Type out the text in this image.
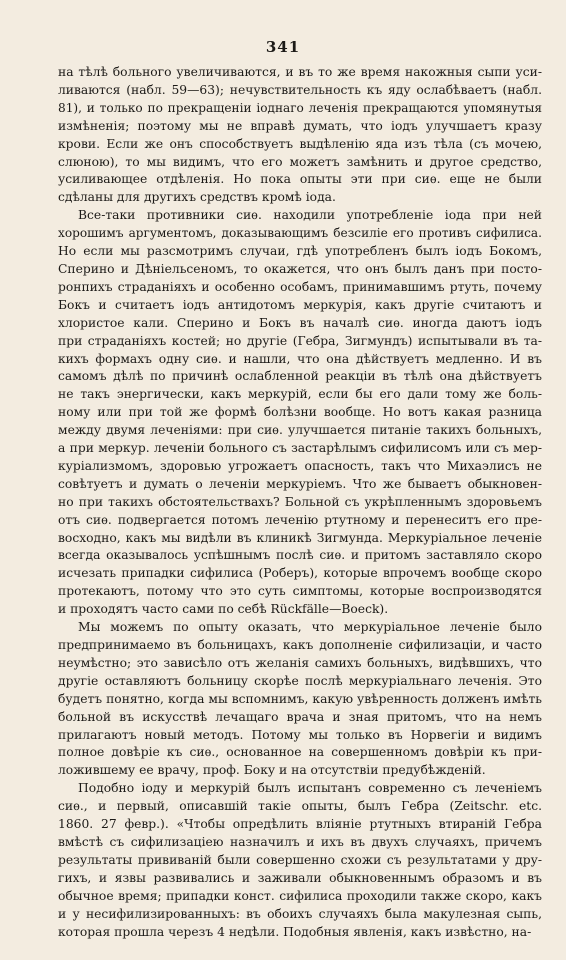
341
на тѣлѣ больного увеличиваются, и въ то же время накожныя сыпи уси-
ливаются (набл. 59—63); нечувствительность къ яду ослабѣваетъ (набл.
81), и только по прекращеніи іоднаго леченія прекращаются упомянутыя
измѣненія; поэтому мы не вправѣ думать, что іодъ улучшаетъ кразу
крови. Если же онъ способствуетъ выдѣленію яда изъ тѣла (съ мочею,
слюною), то мы видимъ, что его можетъ замѣнить и другое средство,
усиливающее отдѣленія. Но пока опыты эти при сиѳ. еще не были
сдѣланы для другихъ средствъ кромѣ іода.
Все-таки противники сиѳ. находили употребленіе іода при ней
хорошимъ аргументомъ, доказывающимъ безсиліе его противъ сифилиса.
Но если мы разсмотримъ случаи, гдѣ употребленъ былъ іодъ Бокомъ,
Сперино и Дѣніельсеномъ, то окажется, что онъ былъ данъ при посто-
ронпихъ страданіяхъ и особенно особамъ, принимавшимъ ртуть, почему
Бокъ и считаетъ іодъ антидотомъ меркурія, какъ другіе считаютъ и
хлористое кали. Сперино и Бокъ въ началѣ сиѳ. иногда даютъ іодъ
при страданіяхъ костей; но другіе (Гебра, Зигмундъ) испытывали въ та-
кихъ формахъ одну сиѳ. и нашли, что она дѣйствуетъ медленно. И въ
самомъ дѣлѣ по причинѣ ослабленной реакціи въ тѣлѣ она дѣйствуетъ
не такъ энергически, какъ меркурій, если бы его дали тому же боль-
ному или при той же формѣ болѣзни вообще. Но вотъ какая разница
между двумя леченіями: при сиѳ. улучшается питаніе такихъ больныхъ,
а при меркур. леченіи больного съ застарѣлымъ сифилисомъ или съ мер-
куріализмомъ, здоровью угрожаетъ опасность, такъ что Михаэлисъ не
совѣтуетъ и думать о леченіи меркуріемъ. Что же бываетъ обыкновен-
но при такихъ обстоятельствахъ? Больной съ укрѣпленнымъ здоровьемъ
отъ сиѳ. подвергается потомъ леченію ртутному и перенеситъ его пре-
восходно, какъ мы видѣли въ клиникѣ Зигмунда. Меркуріальное леченіе
всегда оказывалось успѣшнымъ послѣ сиѳ. и притомъ заставляло скоро
исчезать припадки сифилиса (Роберъ), которые впрочемъ вообще скоро
протекаютъ, потому что это суть симптомы, которые воспроизводятся
и проходятъ часто сами по себѣ Rückfälle—Boeck).
Мы можемъ по опыту оказать, что меркуріальное леченіе было
предпринимаемо въ больницахъ, какъ дополненіе сифилизаціи, и часто
неумѣстно; это зависѣло отъ желанія самихъ больныхъ, видѣвшихъ, что
другіе оставляютъ больницу скорѣе послѣ меркуріальнаго леченія. Это
будетъ понятно, когда мы вспомнимъ, какую увѣренность долженъ имѣть
больной въ искусствѣ лечащаго врача и зная притомъ, что на немъ
прилагаютъ новый методъ. Потому мы только въ Норвегіи и видимъ
полное довѣріе къ сиѳ., основанное на совершенномъ довѣріи къ при-
ложившему ее врачу, проф. Боку и на отсутствіи предубѣжденій.
Подобно іоду и меркурій былъ испытанъ современно съ леченіемъ
сиѳ., и первый, описавшій такіе опыты, былъ Гебра (Zeitschr. etc.
1860. 27 февр.). «Чтобы опредѣлить вліяніе ртутныхъ втираній Гебра
вмѣстѣ съ сифилизаціею назначилъ и ихъ въ двухъ случаяхъ, причемъ
результаты прививаній были совершенно схожи съ результатами у дру-
гихъ, и язвы развивались и заживали обыкновеннымъ образомъ и въ
обычное время; припадки конст. сифилиса проходили также скоро, какъ
и у несифилизированныхъ: въ обоихъ случаяхъ была макулезная сыпь,
которая прошла черезъ 4 недѣли. Подобныя явленія, какъ извѣстно, на-
